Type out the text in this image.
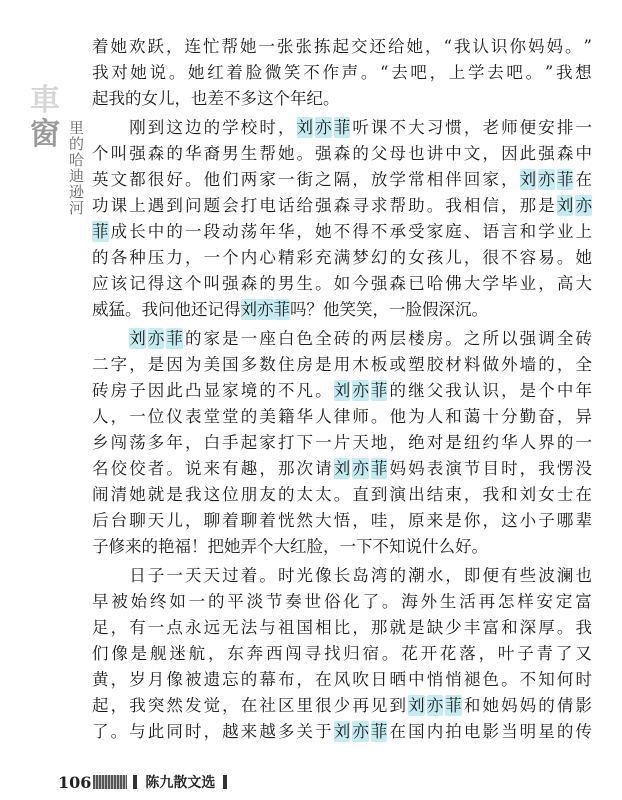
車
窗 里的哈迪逊河
着 她 欢 跃 ， 连 忙 帮 她 一 张 张 拣 起 交 还 给 她 ， “ 我 认 识 你 妈 妈 。 ”
我 对 她 说 。 她 红 着 脸 微 笑 不 作 声 。 “ 去 吧 ， 上 学 去 吧 。 ” 我 想
起 我 的 女 儿 ， 也 差 不 多 这 个 年 纪 。

刚 到 这 边 的 学 校 时 ， 刘 亦 菲 听 课 不 大 习 惯 ， 老 师 便 安 排 一
个 叫 强 森 的 华 裔 男 生 帮 她 。 强 森 的 父 母 也 讲 中 文 ， 因 此 强 森 中
英 文 都 很 好 。 他 们 两 家 一 街 之 隔 ， 放 学 常 相 伴 回 家 ， 刘 亦 菲 在
功 课 上 遇 到 问 题 会 打 电 话 给 强 森 寻 求 帮 助 。 我 相 信 ， 那 是 刘 亦
菲 成 长 中 的 一 段 动 荡 年 华 ， 她 不 得 不 承 受 家 庭 、 语 言 和 学 业 上
的 各 种 压 力 ， 一 个 内 心 精 彩 充 满 梦 幻 的 女 孩 儿 ， 很 不 容 易 。 她
应 该 记 得 这 个 叫 强 森 的 男 生 。 如 今 强 森 已 哈 佛 大 学 毕 业 ， 高 大
威 猛 。 我 问 他 还 记 得 刘 亦 菲 吗 ？ 他 笑 笑 ， 一 脸 假 深 沉 。

刘 亦 菲 的 家 是 一 座 白 色 全 砖 的 两 层 楼 房 。 之 所 以 强 调 全 砖
二 字 ， 是 因 为 美 国 多 数 住 房 是 用 木 板 或 塑 胶 材 料 做 外 墙 的 ， 全
砖 房 子 因 此 凸 显 家 境 的 不 凡 。 刘 亦 菲 的 继 父 我 认 识 ， 是 个 中 年
人 ， 一 位 仪 表 堂 堂 的 美 籍 华 人 律 师 。 他 为 人 和 蔼 十 分 勤 奋 ， 异
乡 闯 荡 多 年 ， 白 手 起 家 打 下 一 片 天 地 ， 绝 对 是 纽 约 华 人 界 的 一
名 佼 佼 者 。 说 来 有 趣 ， 那 次 请 刘 亦 菲 妈 妈 表 演 节 目 时 ， 我 愣 没
闹 清 她 就 是 我 这 位 朋 友 的 太 太 。 直 到 演 出 结 束 ， 我 和 刘 女 士 在
后 台 聊 天 儿 ， 聊 着 聊 着 恍 然 大 悟 ， 哇 ， 原 来 是 你 ， 这 小 子 哪 辈
子 修 来 的 艳 福 ！ 把 她 弄 个 大 红 脸 ， 一 下 不 知 说 什 么 好 。

日 子 一 天 天 过 着 。 时 光 像 长 岛 湾 的 潮 水 ， 即 便 有 些 波 澜 也
早 被 始 终 如 一 的 平 淡 节 奏 世 俗 化 了 。 海 外 生 活 再 怎 样 安 定 富
足 ， 有 一 点 永 远 无 法 与 祖 国 相 比 ， 那 就 是 缺 少 丰 富 和 深 厚 。 我
们 像 是 舰 迷 航 ， 东 奔 西 闯 寻 找 归 宿 。 花 开 花 落 ， 叶 子 青 了 又
黄 ， 岁 月 像 被 遗 忘 的 幕 布 ， 在 风 吹 日 晒 中 悄 悄 褪 色 。 不 知 何 时
起 ， 我 突 然 发 觉 ， 在 社 区 里 很 少 再 见 到 刘 亦 菲 和 她 妈 妈 的 倩 影
了 。 与 此 同 时 ， 越 来 越 多 关 于 刘 亦 菲 在 国 内 拍 电 影 当 明 星 的 传
106	陈九散文选
